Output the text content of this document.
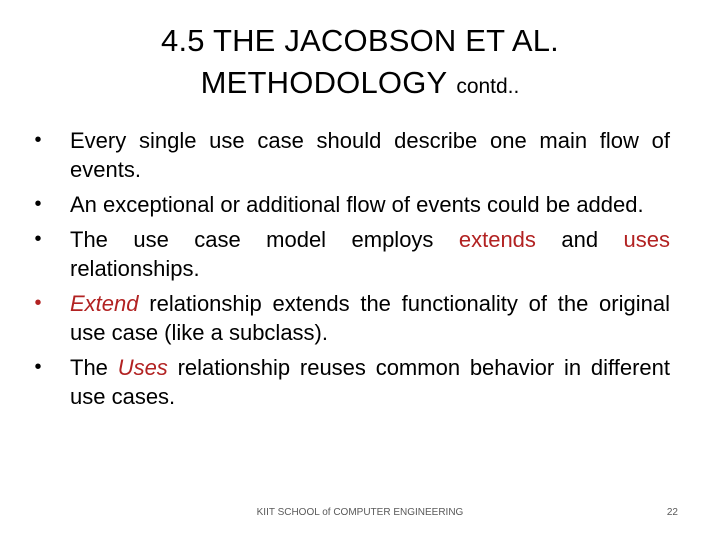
4.5 THE JACOBSON ET AL.
METHODOLOGY contd..
• Every single use case should describe one main flow of events.
• An exceptional or additional flow of events could be added.
• The use case model employs extends and uses relationships.
• Extend relationship extends the functionality of the original use case (like a subclass).
• The Uses relationship reuses common behavior in different use cases.
KIIT SCHOOL of COMPUTER ENGINEERING	22
